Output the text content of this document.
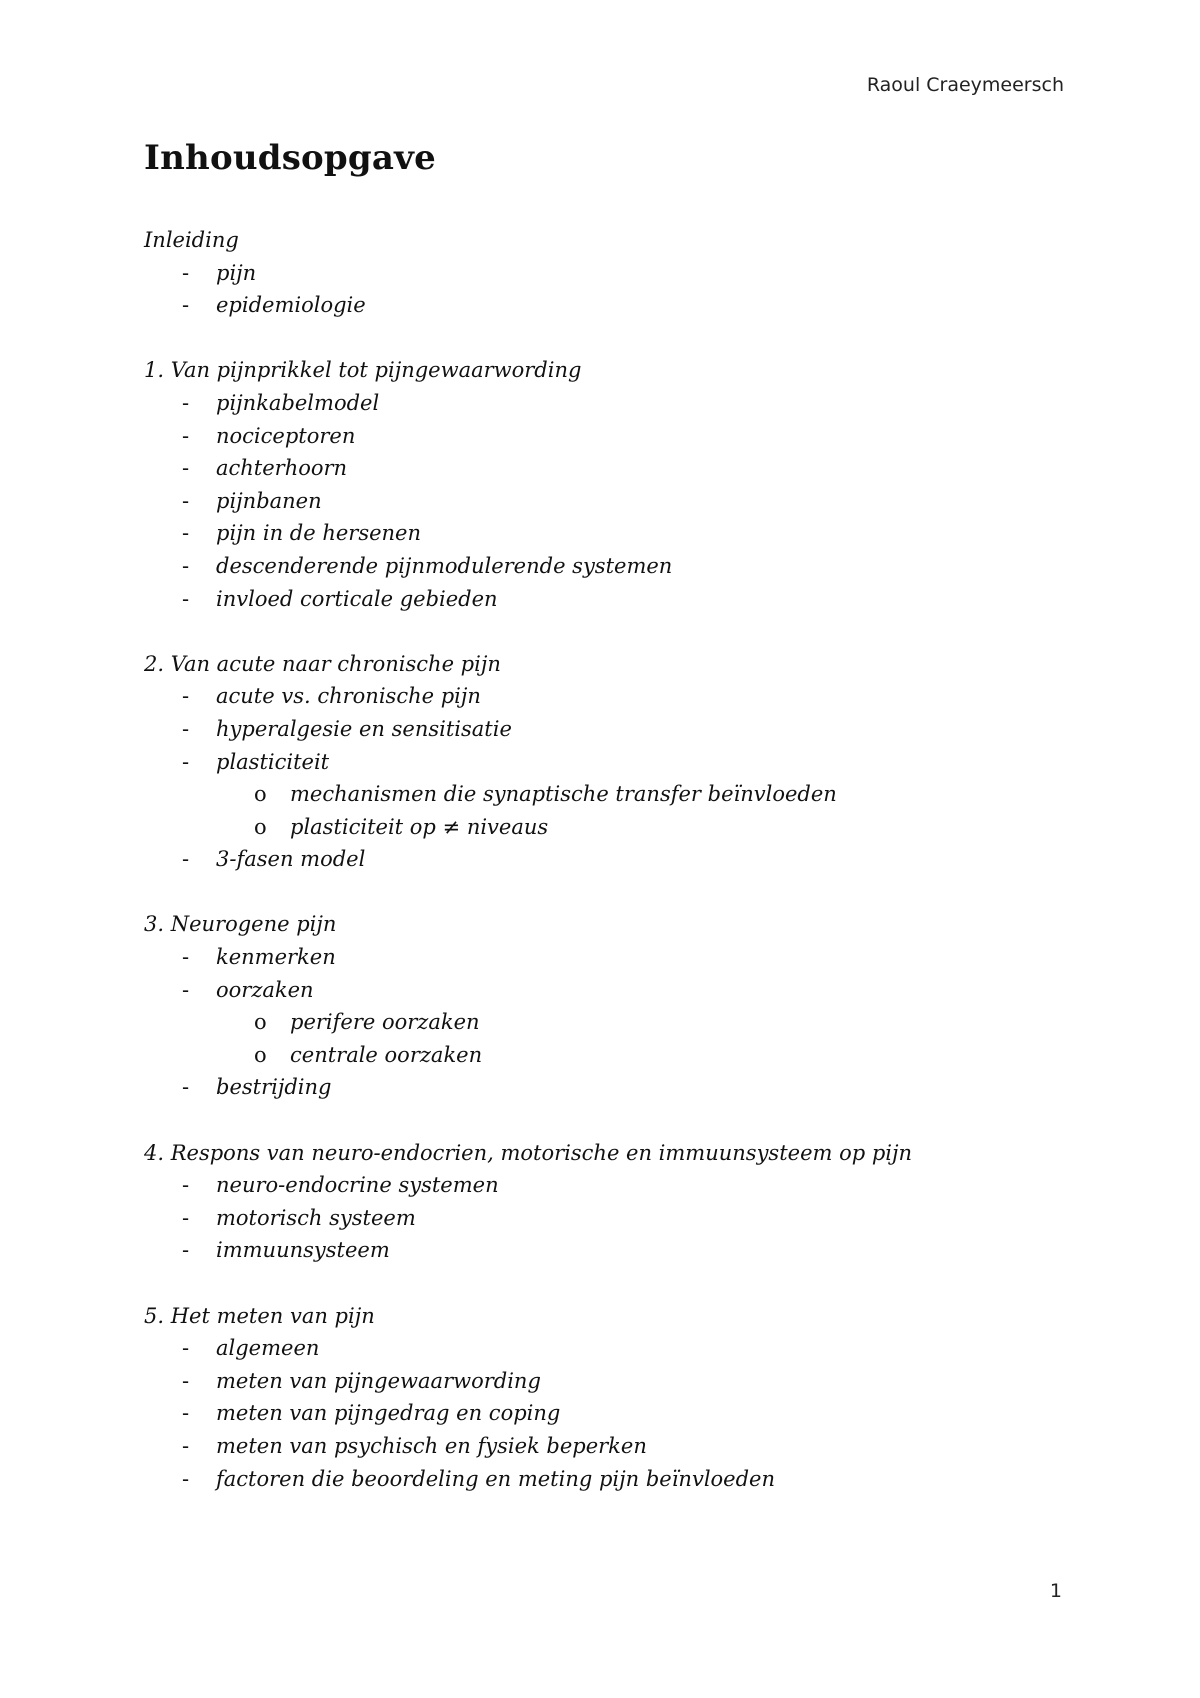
Raoul Craeymeersch
Inhoudsopgave
Inleiding
- pijn
- epidemiologie
1. Van pijnprikkel tot pijngewaarwording
- pijnkabelmodel
- nociceptoren
- achterhoorn
- pijnbanen
- pijn in de hersenen
- descenderende pijnmodulerende systemen
- invloed corticale gebieden
2. Van acute naar chronische pijn
- acute vs. chronische pijn
- hyperalgesie en sensitisatie
- plasticiteit
o mechanismen die synaptische transfer beïnvloeden
o plasticiteit op ≠ niveaus
- 3-fasen model
3. Neurogene pijn
- kenmerken
- oorzaken
o perifere oorzaken
o centrale oorzaken
- bestrijding
4. Respons van neuro-endocrien, motorische en immuunsysteem op pijn
- neuro-endocrine systemen
- motorisch systeem
- immuunsysteem
5. Het meten van pijn
- algemeen
- meten van pijngewaarwording
- meten van pijngedrag en coping
- meten van psychisch en fysiek beperken
- factoren die beoordeling en meting pijn beïnvloeden
1
